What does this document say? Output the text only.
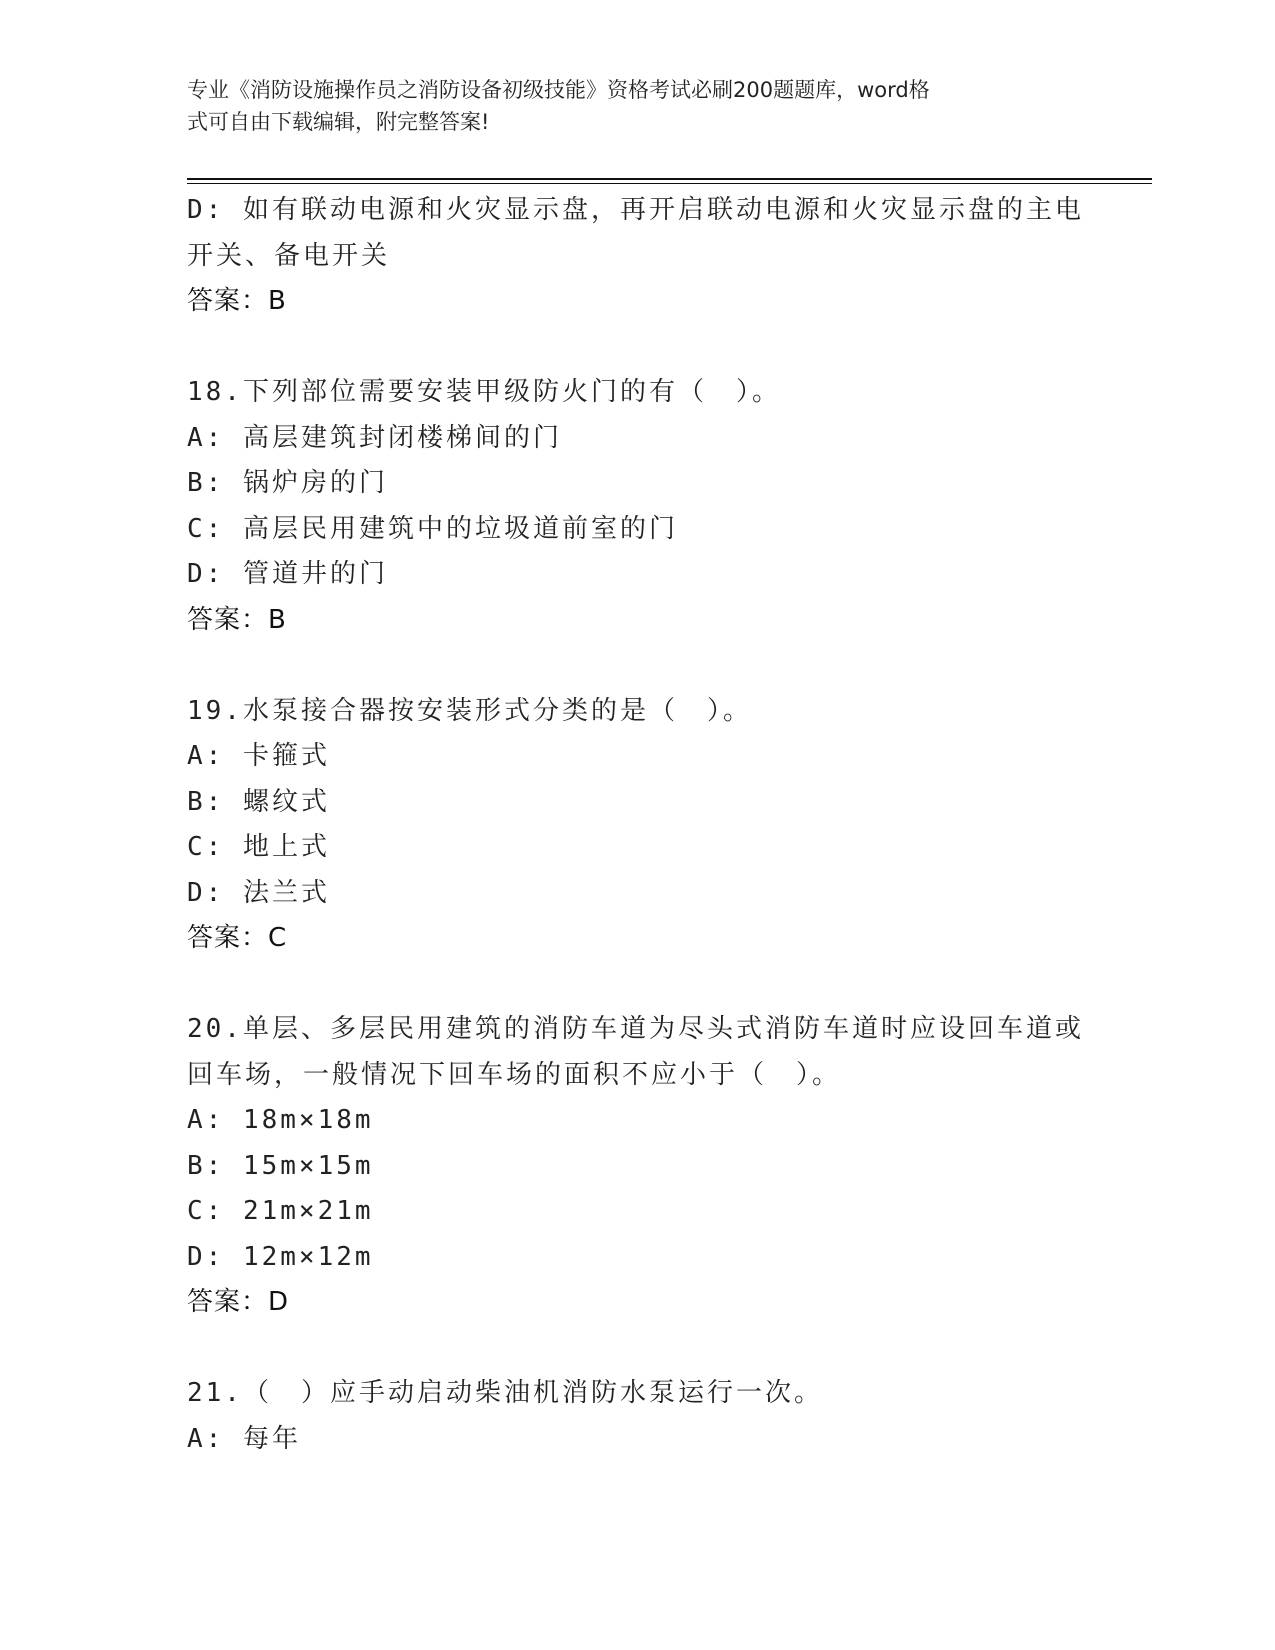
专业《消防设施操作员之消防设备初级技能》资格考试必刷200题题库，word格
式可自由下载编辑，附完整答案!
D: 如有联动电源和火灾显示盘，再开启联动电源和火灾显示盘的主电
开关、备电开关
答案：B
18.下列部位需要安装甲级防火门的有（　）。
A: 高层建筑封闭楼梯间的门
B: 锅炉房的门
C: 高层民用建筑中的垃圾道前室的门
D: 管道井的门
答案：B
19.水泵接合器按安装形式分类的是（　）。
A: 卡箍式
B: 螺纹式
C: 地上式
D: 法兰式
答案：C
20.单层、多层民用建筑的消防车道为尽头式消防车道时应设回车道或
回车场，一般情况下回车场的面积不应小于（　）。
A: 18m×18m
B: 15m×15m
C: 21m×21m
D: 12m×12m
答案：D
21.（　）应手动启动柴油机消防水泵运行一次。
A: 每年
